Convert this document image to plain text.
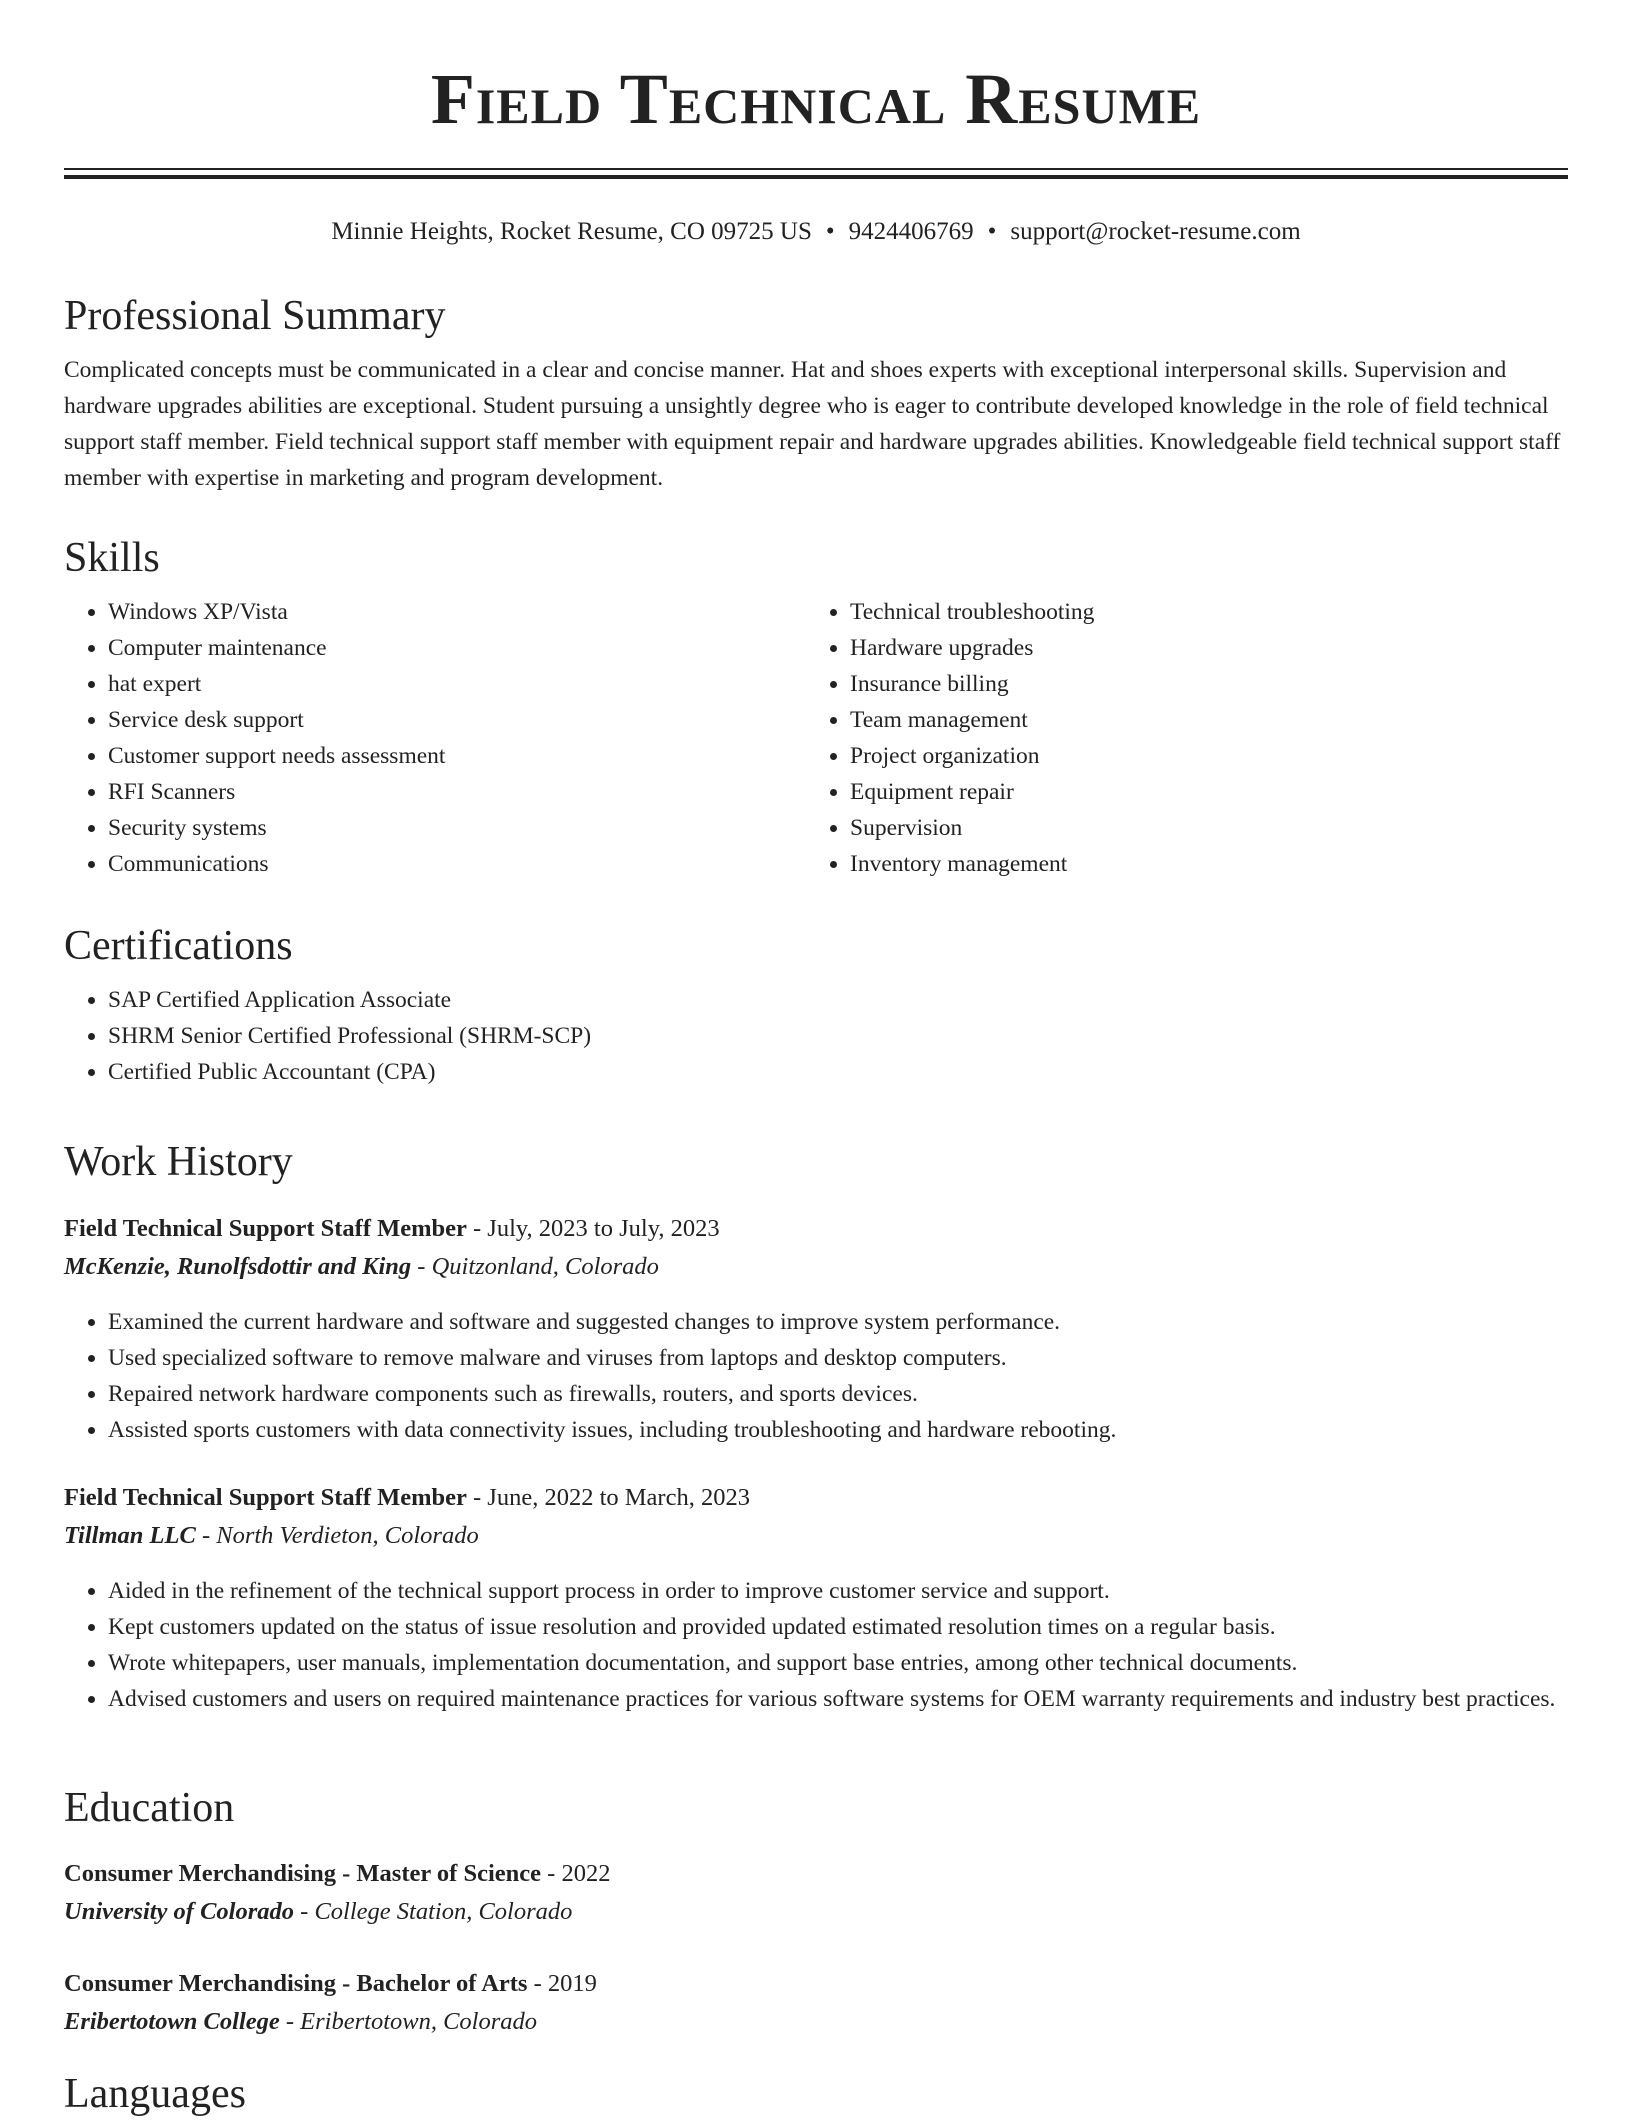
Field Technical Resume
Minnie Heights, Rocket Resume, CO 09725 US • 9424406769 • support@rocket-resume.com
Professional Summary

Complicated concepts must be communicated in a clear and concise manner. Hat and shoes experts with exceptional interpersonal skills. Supervision and hardware upgrades abilities are exceptional. Student pursuing a unsightly degree who is eager to contribute developed knowledge in the role of field technical support staff member. Field technical support staff member with equipment repair and hardware upgrades abilities. Knowledgeable field technical support staff member with expertise in marketing and program development.

Skills
• Windows XP/Vista
• Computer maintenance
• hat expert
• Service desk support
• Customer support needs assessment
• RFI Scanners
• Security systems
• Communications
• Technical troubleshooting
• Hardware upgrades
• Insurance billing
• Team management
• Project organization
• Equipment repair
• Supervision
• Inventory management
Certifications
• SAP Certified Application Associate
• SHRM Senior Certified Professional (SHRM-SCP)
• Certified Public Accountant (CPA)
Work History
Field Technical Support Staff Member - July, 2023 to July, 2023
McKenzie, Runolfsdottir and King - Quitzonland, Colorado
• Examined the current hardware and software and suggested changes to improve system performance.
• Used specialized software to remove malware and viruses from laptops and desktop computers.
• Repaired network hardware components such as firewalls, routers, and sports devices.
• Assisted sports customers with data connectivity issues, including troubleshooting and hardware rebooting.
Field Technical Support Staff Member - June, 2022 to March, 2023
Tillman LLC - North Verdieton, Colorado
• Aided in the refinement of the technical support process in order to improve customer service and support.
• Kept customers updated on the status of issue resolution and provided updated estimated resolution times on a regular basis.
• Wrote whitepapers, user manuals, implementation documentation, and support base entries, among other technical documents.
• Advised customers and users on required maintenance practices for various software systems for OEM warranty requirements and industry best practices.
Education
Consumer Merchandising - Master of Science - 2022
University of Colorado - College Station, Colorado
Consumer Merchandising - Bachelor of Arts - 2019
Eribertotown College - Eribertotown, Colorado
Languages
